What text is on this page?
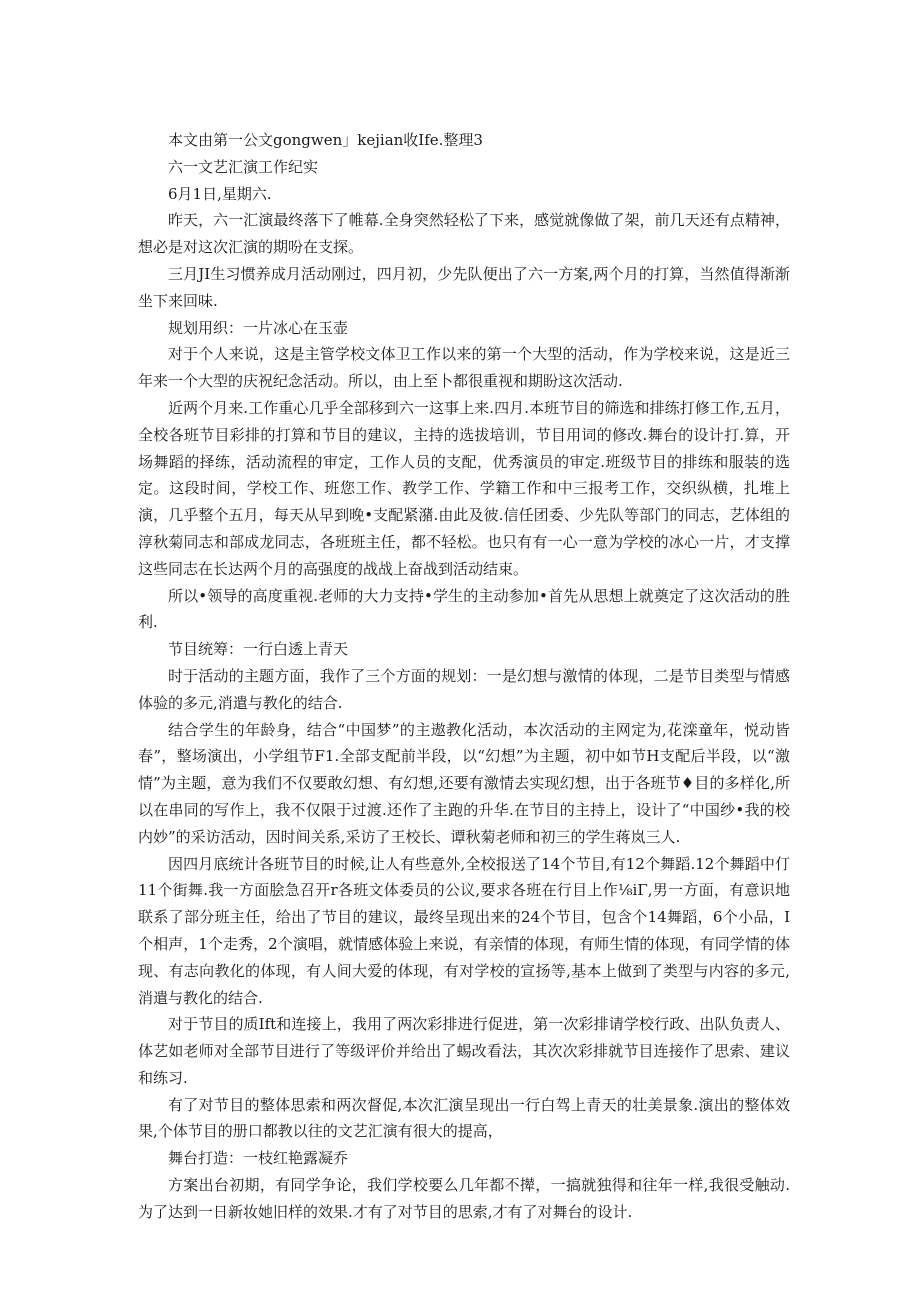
本文由第一公文gongwen」kejian收Ife.整理3

六一文艺汇演工作纪实

6月1日,星期六.

昨天，六一汇演最终落下了帷幕.全身突然轻松了下来，感觉就像做了架，前几天还有点精神，想必是对这次汇演的期吩在支探。

三月JI生习惯养成月活动刚过，四月初，少先队便出了六一方案,两个月的打算，当然值得渐渐坐下来回味.

规划用织：一片冰心在玉壶

对于个人来说，这是主管学校文体卫工作以来的第一个大型的活动，作为学校来说，这是近三年来一个大型的庆祝纪念活动。所以，由上至卜都很重视和期盼这次活动.

近两个月来.工作重心几乎全部移到六一这事上来.四月.本班节目的筛选和排练打修工作,五月，全校各班节目彩排的打算和节目的建议，主持的选拔培训，节目用词的修改.舞台的设计打.算，开场舞蹈的择练，活动流程的审定，工作人员的支配，优秀演员的审定.班级节目的排练和服装的选定。这段时间，学校工作、班您工作、教学工作、学籍工作和中三报考工作，交织纵横，扎堆上演，几乎整个五月，每天从早到晚•支配紧潴.由此及彼.信任团委、少先队等部门的同志，艺体组的淳秋菊同志和部成龙同志，各班班主任，都不轻松。也只有有一心一意为学校的冰心一片，才支撑这些同志在长达两个月的高强度的战战上奋战到活动结束。

所以•领导的高度重视.老师的大力支持•学生的主动参加•首先从思想上就奠定了这次活动的胜利.

节目统筹：一行白透上青天

时于活动的主题方面，我作了三个方面的规划：一是幻想与激情的体现，二是节目类型与情感体验的多元,消遣与教化的结合.

结合学生的年龄身，结合“中国梦”的主遨教化活动，本次活动的主网定为,花滦童年，悦动皆春”，整场演出，小学组节F1.全部支配前半段，以“幻想”为主题，初中如节H支配后半段，以“激情”为主题，意为我们不仅要敢幻想、有幻想,还要有激情去实现幻想，出于各班节♦目的多样化,所以在串同的写作上，我不仅限于过渡.还作了主跑的升华.在节目的主持上，设计了“中国纱•我的校内妙”的采访活动，因时间关系,采访了王校长、谭秋菊老师和初三的学生蒋岚三人.

因四月底统计各班节目的时候,让人有些意外,全校报送了14个节目,有12个舞蹈.12个舞蹈中仃11个街舞.我一方面脍急召开r各班文体委员的公议,要求各班在行目上作⅛iΓ,男一方面，有意识地联系了部分班主任，给出了节目的建议，最终呈现出来的24个节目，包含个14舞蹈，6个小品，I个相声，1个走秀，2个演唱，就情感体验上来说，有亲情的体现，有师生情的体现，有同学情的体现、有志向教化的体现，有人间大爱的体现，有对学校的宣扬等,基本上做到了类型与内容的多元,消遣与教化的结合.

对于节目的质Ift和连接上，我用了两次彩排进行促进，第一次彩排请学校行政、出队负责人、体艺如老师对全部节目进行了等级评价并给出了蜴改看法，其次次彩排就节目连接作了思索、建议和练习.

有了对节目的整体思索和两次督促,本次汇演呈现出一行白驾上青天的壮美景象.演出的整体效果,个体节目的册口都教以往的文艺汇演有很大的提高，

舞台打造：一枝红艳露凝乔

方案出台初期，有同学争论，我们学校要么几年都不撵，一搞就独得和往年一样,我很受触动.为了达到一日新妆她旧样的效果.才有了对节目的思索,才有了对舞台的设计.
